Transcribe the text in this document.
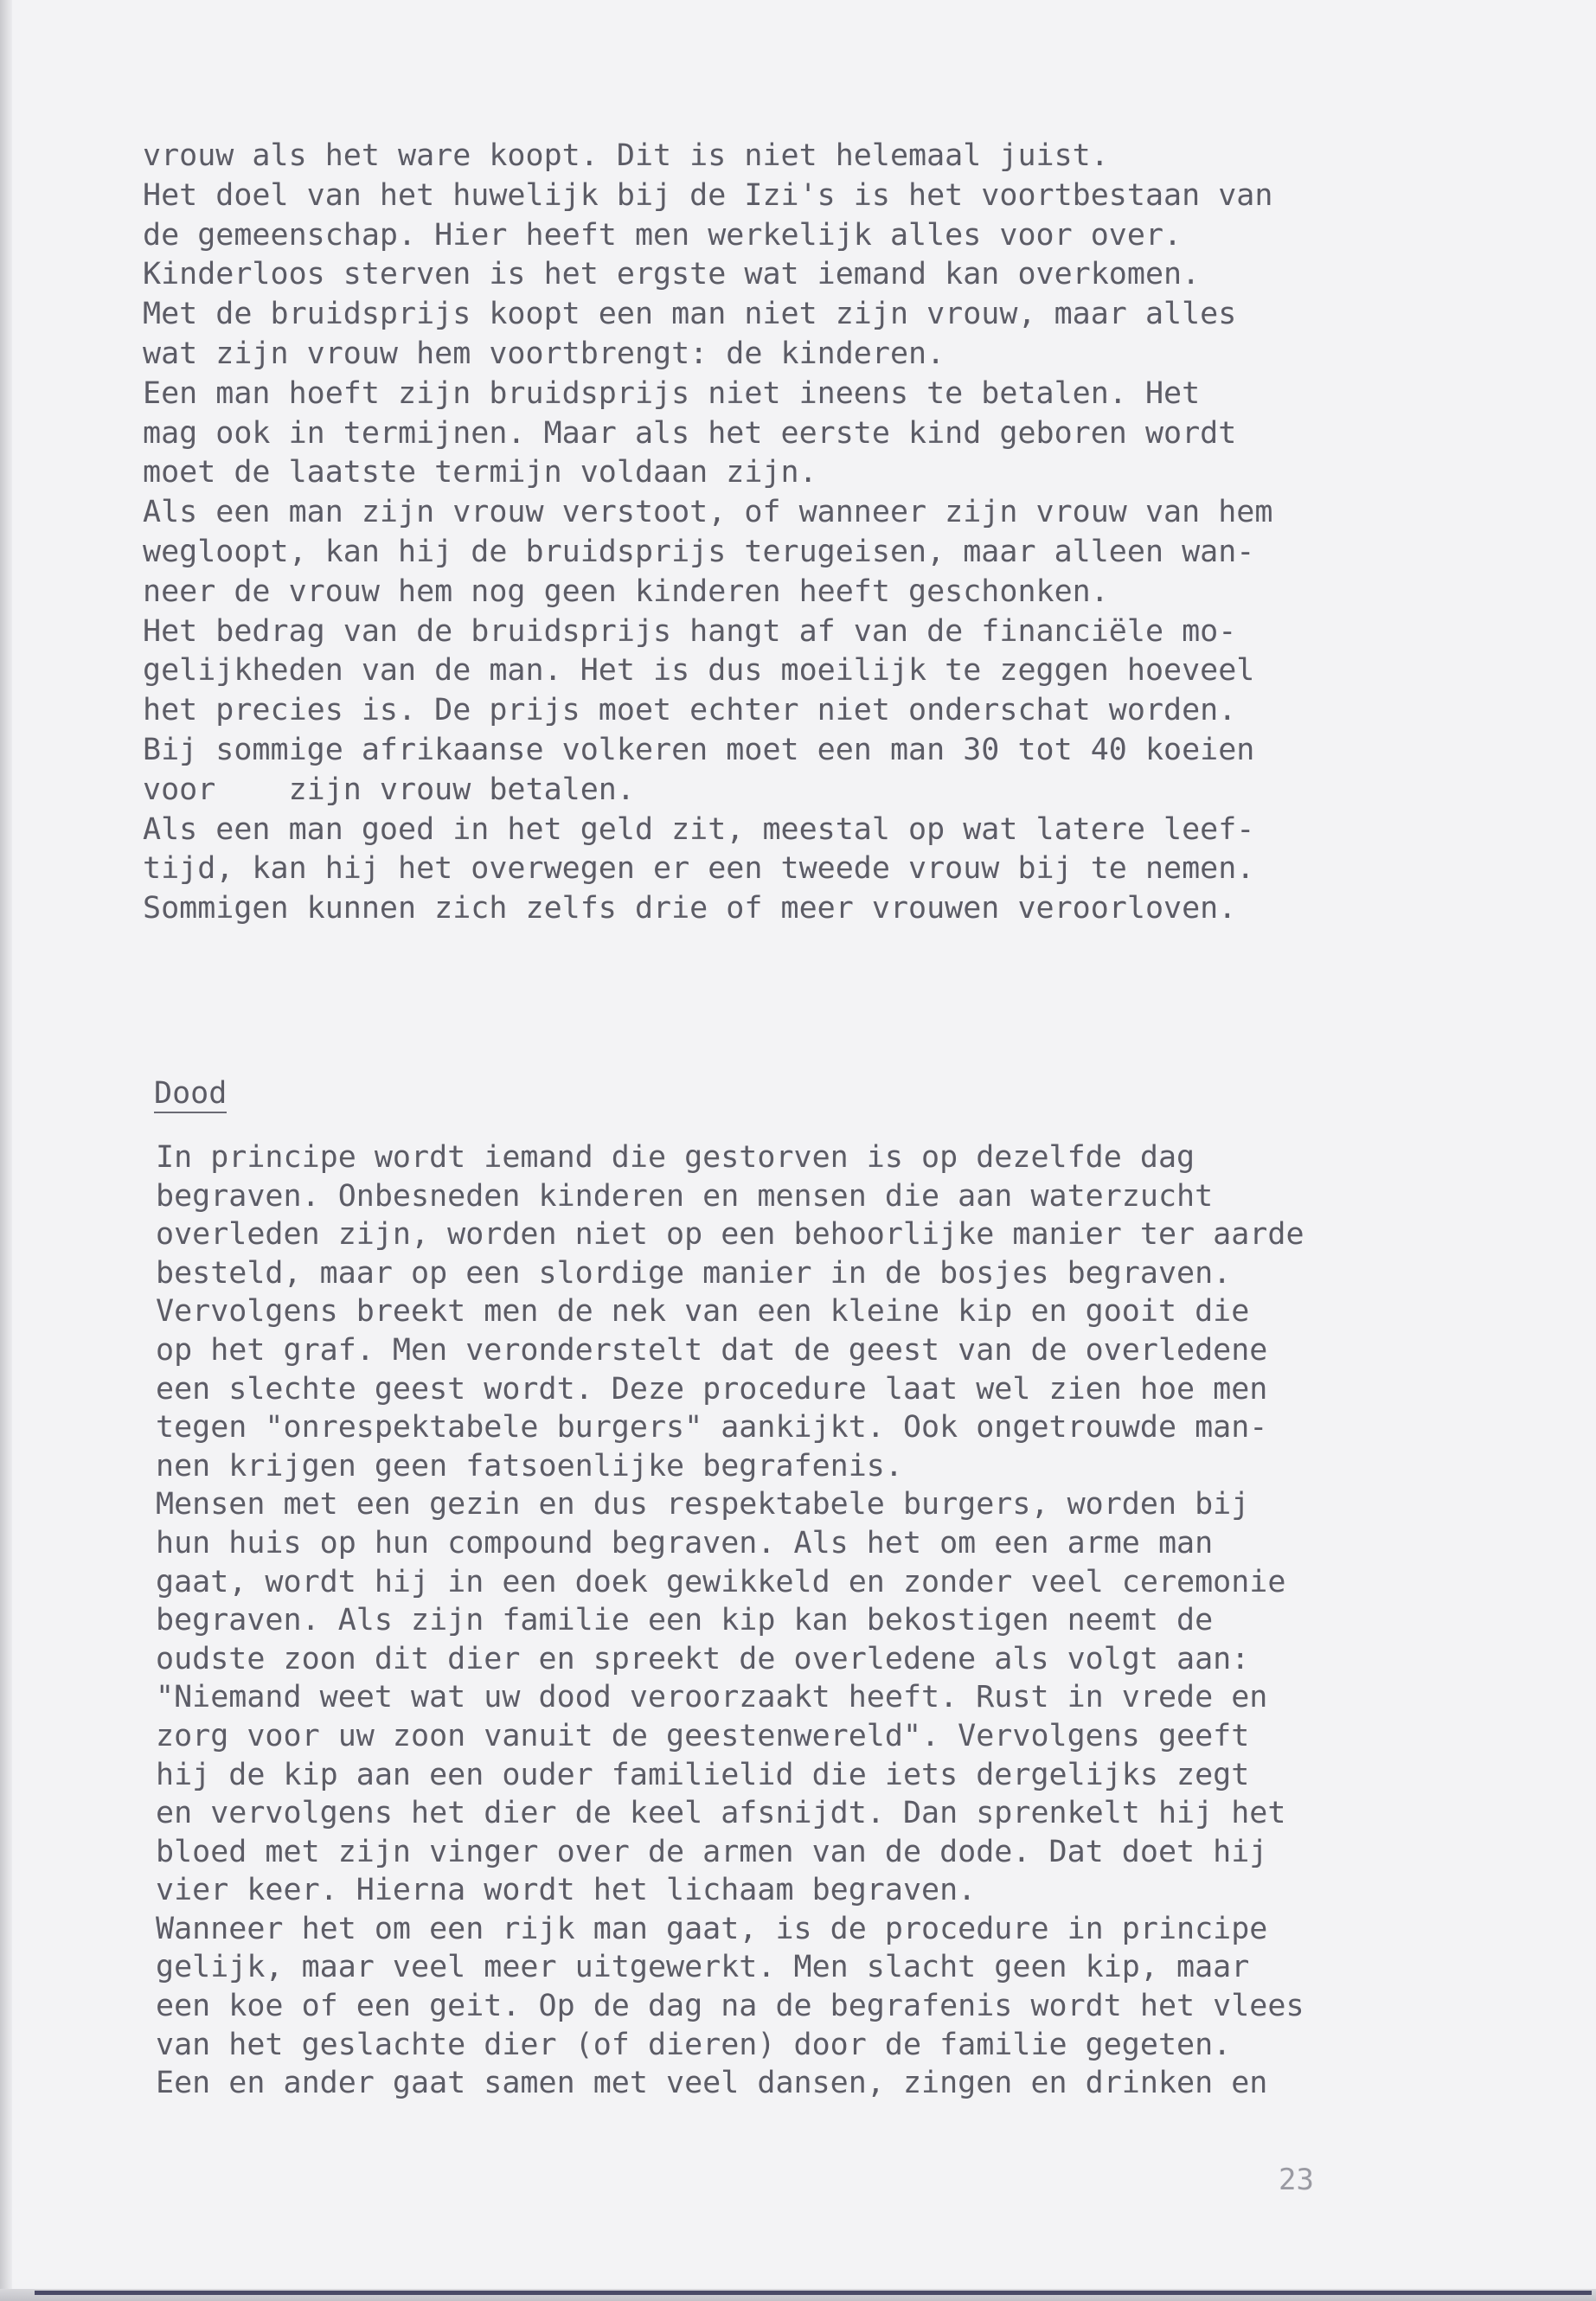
vrouw als het ware koopt. Dit is niet helemaal juist.
Het doel van het huwelijk bij de Izi's is het voortbestaan van
de gemeenschap. Hier heeft men werkelijk alles voor over.
Kinderloos sterven is het ergste wat iemand kan overkomen.
Met de bruidsprijs koopt een man niet zijn vrouw, maar alles
wat zijn vrouw hem voortbrengt: de kinderen.
Een man hoeft zijn bruidsprijs niet ineens te betalen. Het
mag ook in termijnen. Maar als het eerste kind geboren wordt
moet de laatste termijn voldaan zijn.
Als een man zijn vrouw verstoot, of wanneer zijn vrouw van hem
wegloopt, kan hij de bruidsprijs terugeisen, maar alleen wan-
neer de vrouw hem nog geen kinderen heeft geschonken.
Het bedrag van de bruidsprijs hangt af van de financiële mo-
gelijkheden van de man. Het is dus moeilijk te zeggen hoeveel
het precies is. De prijs moet echter niet onderschat worden.
Bij sommige afrikaanse volkeren moet een man 30 tot 40 koeien
voor    zijn vrouw betalen.
Als een man goed in het geld zit, meestal op wat latere leef-
tijd, kan hij het overwegen er een tweede vrouw bij te nemen.
Sommigen kunnen zich zelfs drie of meer vrouwen veroorloven.
Dood
In principe wordt iemand die gestorven is op dezelfde dag
begraven. Onbesneden kinderen en mensen die aan waterzucht
overleden zijn, worden niet op een behoorlijke manier ter aarde
besteld, maar op een slordige manier in de bosjes begraven.
Vervolgens breekt men de nek van een kleine kip en gooit die
op het graf. Men veronderstelt dat de geest van de overledene
een slechte geest wordt. Deze procedure laat wel zien hoe men
tegen "onrespektabele burgers" aankijkt. Ook ongetrouwde man-
nen krijgen geen fatsoenlijke begrafenis.
Mensen met een gezin en dus respektabele burgers, worden bij
hun huis op hun compound begraven. Als het om een arme man
gaat, wordt hij in een doek gewikkeld en zonder veel ceremonie
begraven. Als zijn familie een kip kan bekostigen neemt de
oudste zoon dit dier en spreekt de overledene als volgt aan:
"Niemand weet wat uw dood veroorzaakt heeft. Rust in vrede en
zorg voor uw zoon vanuit de geestenwereld". Vervolgens geeft
hij de kip aan een ouder familielid die iets dergelijks zegt
en vervolgens het dier de keel afsnijdt. Dan sprenkelt hij het
bloed met zijn vinger over de armen van de dode. Dat doet hij
vier keer. Hierna wordt het lichaam begraven.
Wanneer het om een rijk man gaat, is de procedure in principe
gelijk, maar veel meer uitgewerkt. Men slacht geen kip, maar
een koe of een geit. Op de dag na de begrafenis wordt het vlees
van het geslachte dier (of dieren) door de familie gegeten.
Een en ander gaat samen met veel dansen, zingen en drinken en
23
